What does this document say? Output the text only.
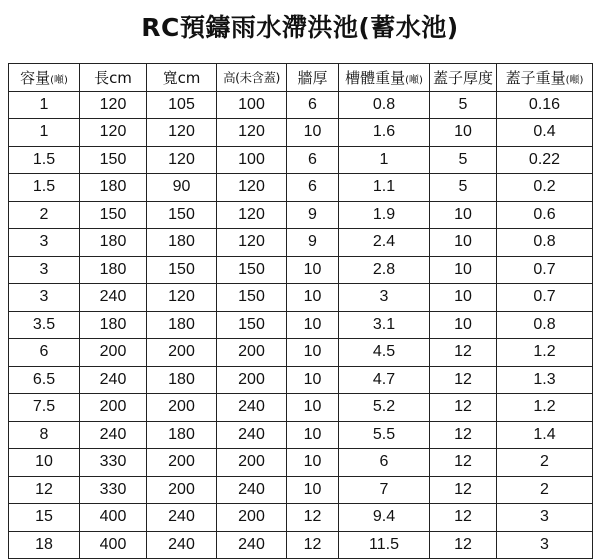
RC預鑄雨水滯洪池(蓄水池)
容量(噸)	長cm	寬cm	高(未含蓋)	牆厚	槽體重量(噸)	蓋子厚度	蓋子重量(噸)
1	120	105	100	6	0.8	5	0.16
1	120	120	120	10	1.6	10	0.4
1.5	150	120	100	6	1	5	0.22
1.5	180	90	120	6	1.1	5	0.2
2	150	150	120	9	1.9	10	0.6
3	180	180	120	9	2.4	10	0.8
3	180	150	150	10	2.8	10	0.7
3	240	120	150	10	3	10	0.7
3.5	180	180	150	10	3.1	10	0.8
6	200	200	200	10	4.5	12	1.2
6.5	240	180	200	10	4.7	12	1.3
7.5	200	200	240	10	5.2	12	1.2
8	240	180	240	10	5.5	12	1.4
10	330	200	200	10	6	12	2
12	330	200	240	10	7	12	2
15	400	240	200	12	9.4	12	3
18	400	240	240	12	11.5	12	3
